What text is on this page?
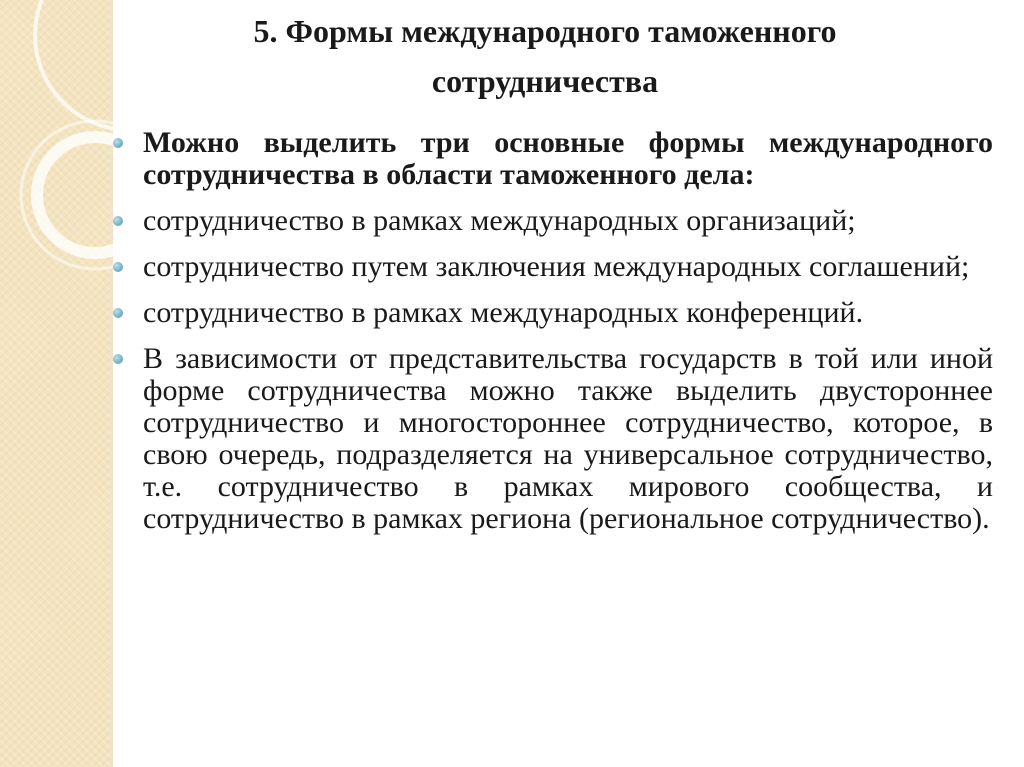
5. Формы международного таможенного
сотрудничества
Можно выделить три основные формы международного сотрудничества в области таможенного дела:
сотрудничество в рамках международных организаций;
сотрудничество путем заключения международных соглашений;
сотрудничество в рамках международных конференций.
В зависимости от представительства государств в той или иной форме сотрудничества можно также выделить двустороннее сотрудничество и многостороннее сотрудничество, которое, в свою очередь, подразделяется на универсальное сотрудничество, т.е. сотрудничество в рамках мирового сообщества, и сотрудничество в рамках региона (региональное сотрудничество).
